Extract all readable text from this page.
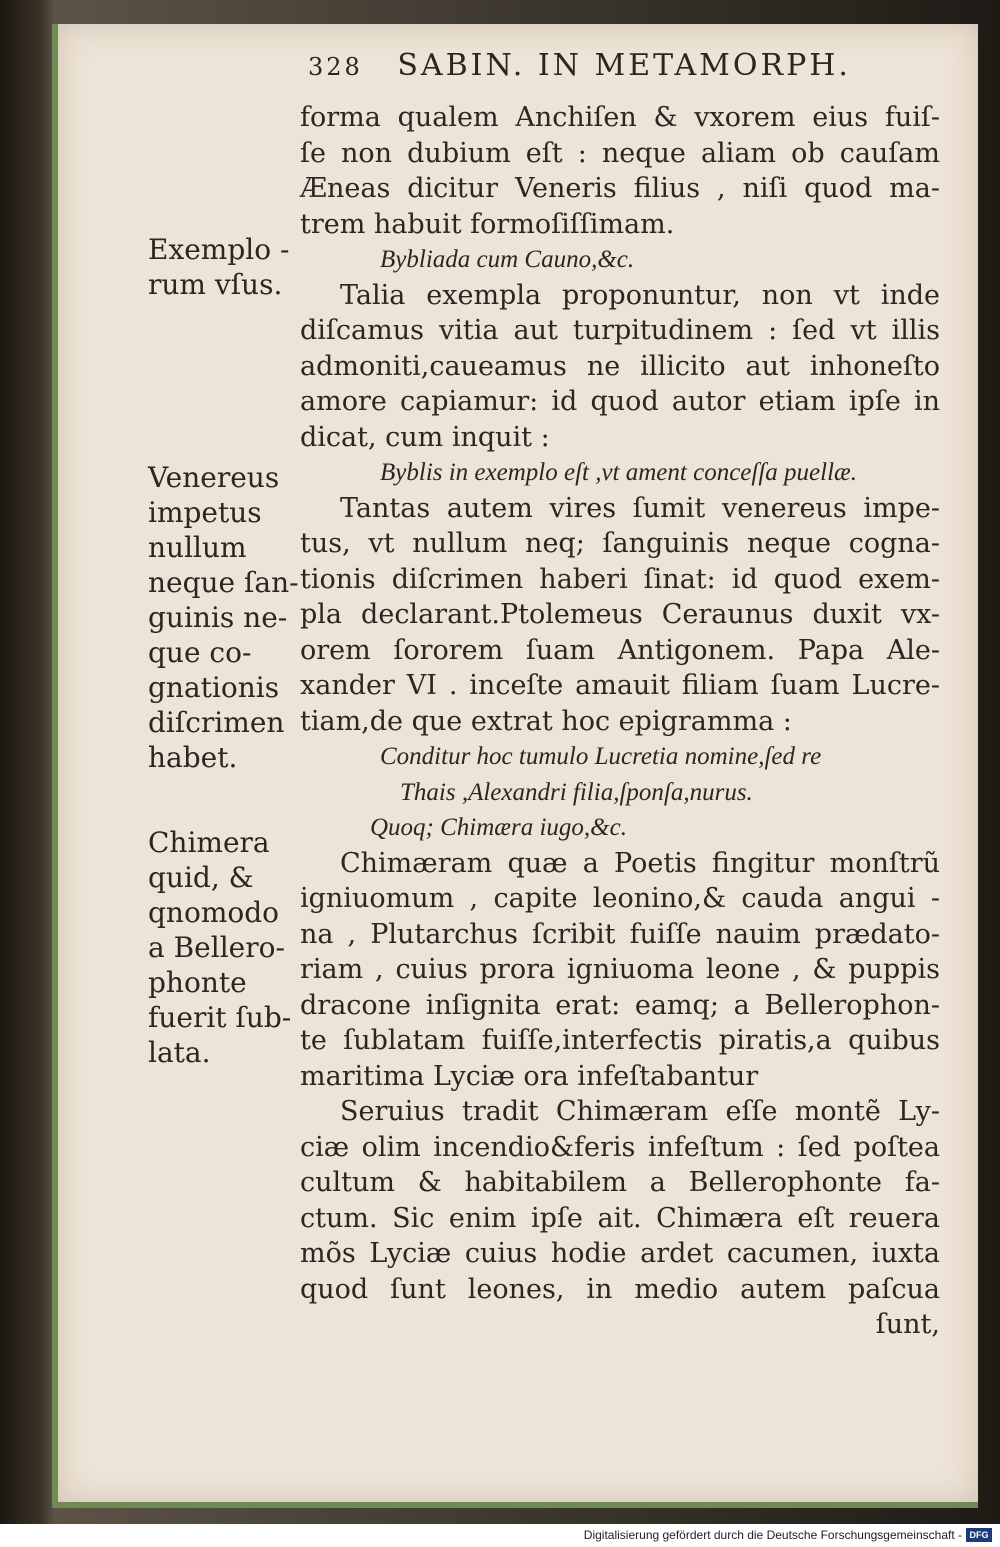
328 SABIN. IN METAMORPH.
Exemplo -
rum vſus.
Venereus
impetus
nullum
neque ſan-
guinis ne-
que co-
gnationis
diſcrimen
habet.
Chimera
quid, &
qnomodo
a Bellero-
phonte
fuerit ſub-
lata.

forma qualem Anchiſen & vxorem eius fuiſ-
ſe non dubium eſt : neque aliam ob cauſam
Æneas dicitur Veneris filius , niſi quod ma-
trem habuit formoſiſſimam.

Bybliada cum Cauno,&c.

Talia exempla proponuntur, non vt inde
diſcamus vitia aut turpitudinem : ſed vt illis
admoniti,caueamus ne illicito aut inhoneſto
amore capiamur: id quod autor etiam ipſe in
dicat, cum inquit :

Byblis in exemplo eſt ,vt ament conceſſa puellæ.

Tantas autem vires ſumit venereus impe-
tus, vt nullum neq; ſanguinis neque cogna-
tionis diſcrimen haberi ſinat: id quod exem-
pla declarant.Ptolemeus Ceraunus duxit vx-
orem ſororem ſuam Antigonem. Papa Ale-
xander VI . inceſte amauit filiam ſuam Lucre-
tiam,de que extrat hoc epigramma :

Conditur hoc tumulo Lucretia nomine,ſed re
Thais ,Alexandri filia,ſponſa,nurus.
Quoq; Chimæra iugo,&c.

Chimæram quæ a Poetis fingitur monſtrũ
igniuomum , capite leonino,& cauda angui -
na , Plutarchus ſcribit fuiſſe nauim prædato-
riam , cuius prora igniuoma leone , & puppis
dracone inſignita erat: eamq; a Bellerophon-
te ſublatam fuiſſe,interfectis piratis,a quibus
maritima Lyciæ ora infeſtabantur

Seruius tradit Chimæram eſſe montẽ Ly-
ciæ olim incendio&feris infeſtum : ſed poſtea
cultum & habitabilem a Bellerophonte fa-
ctum. Sic enim ipſe ait. Chimæra eſt reuera
mõs Lyciæ cuius hodie ardet cacumen, iuxta
quod ſunt leones, in medio autem paſcua
ſunt,

Digitalisierung gefördert durch die Deutsche Forschungsgemeinschaft - DFG
